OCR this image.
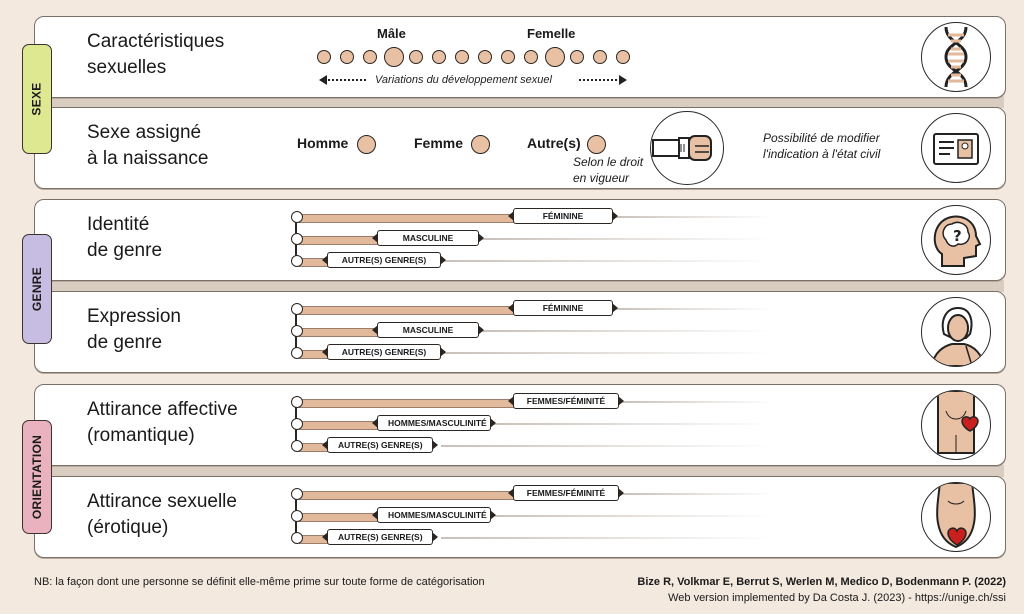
Caractéristiques
sexuelles
Mâle	Femelle
Variations du développement sexuel
Sexe assigné
à la naissance
Homme	Femme	Autre(s)
Selon le droit
en vigueur
Possibilité de modifier
l'indication à l'état civil
Identité
de genre
FÉMININE
MASCULINE
AUTRE(S) GENRE(S)
?
Expression
de genre
FÉMININE
MASCULINE
AUTRE(S) GENRE(S)
Attirance affective
(romantique)
FEMMES/FÉMINITÉ
HOMMES/MASCULINITÉ
AUTRE(S) GENRE(S)
Attirance sexuelle
(érotique)
FEMMES/FÉMINITÉ
HOMMES/MASCULINITÉ
AUTRE(S) GENRE(S)
SEXE
GENRE
ORIENTATION
NB: la façon dont une personne se définit elle-même prime sur toute forme de catégorisation	Bize R, Volkmar E, Berrut S, Werlen M, Medico D, Bodenmann P. (2022)
Web version implemented by Da Costa J. (2023) - https://unige.ch/ssi
